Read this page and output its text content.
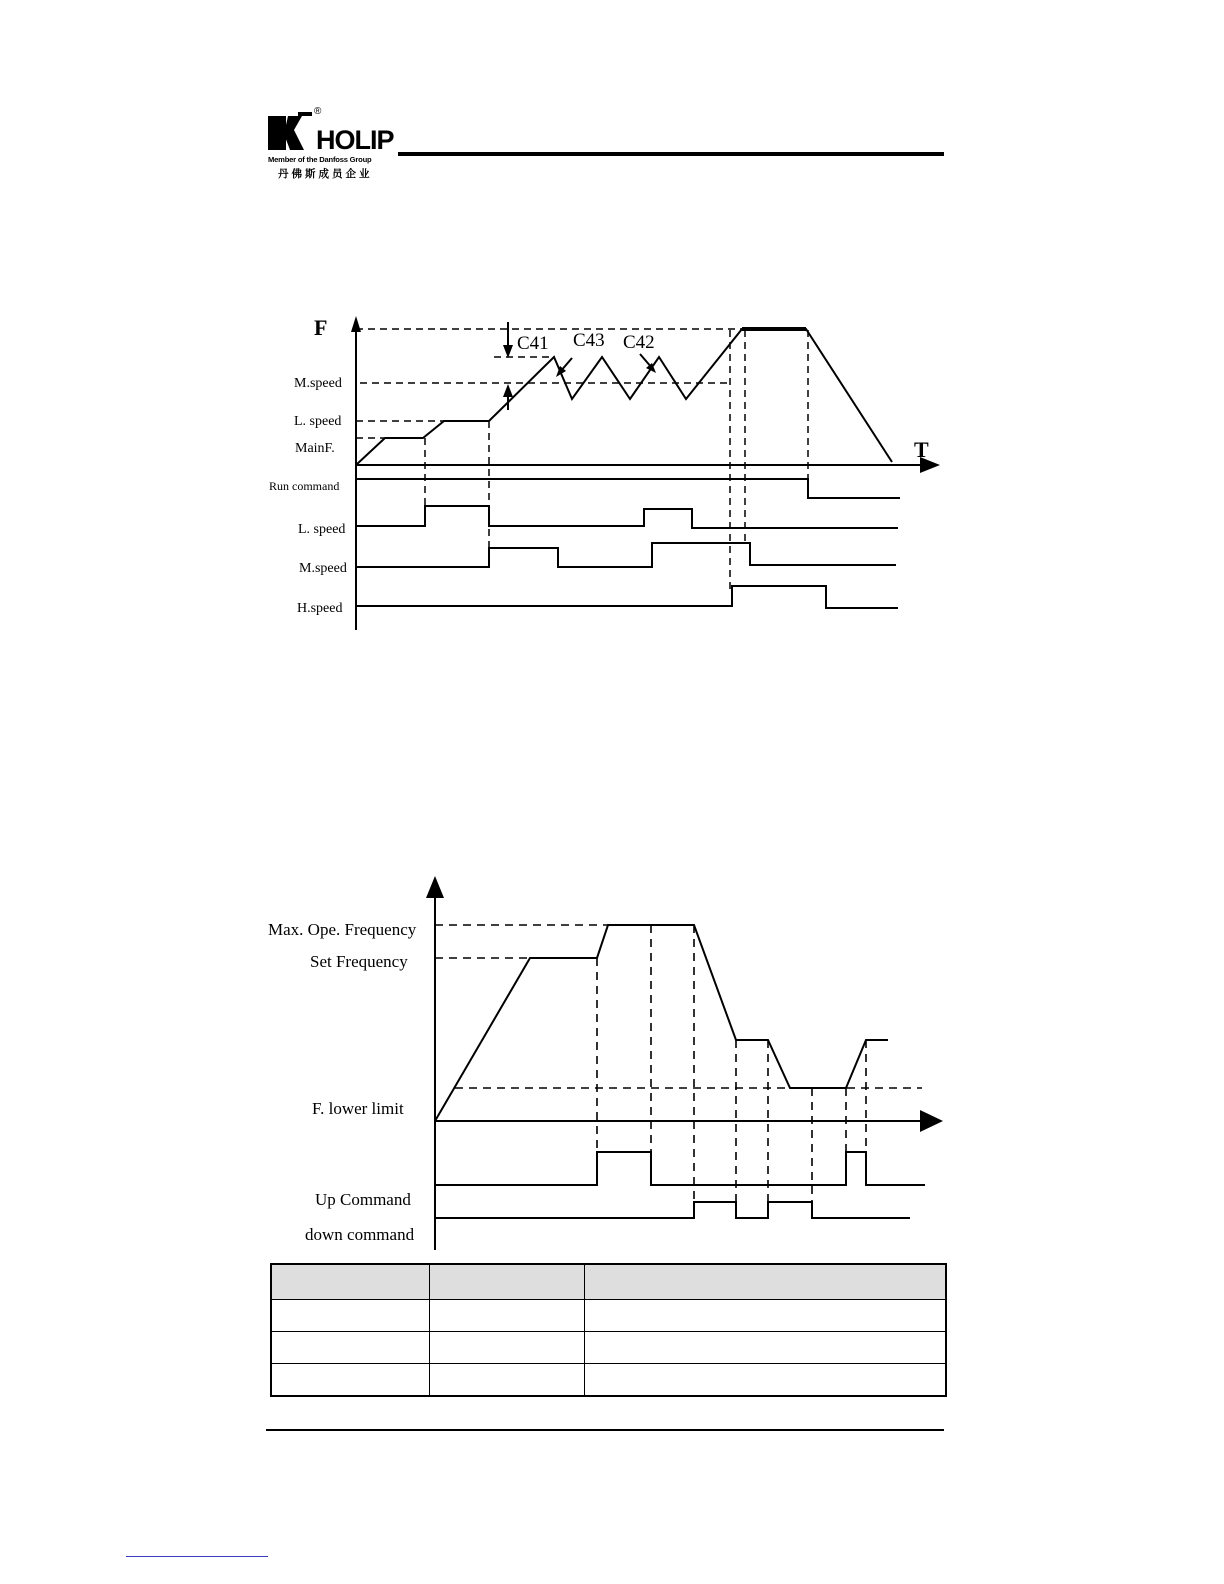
®
HOLIP
Member of the Danfoss Group
丹佛斯成员企业
F
T
M.speed
L. speed
MainF.
C41 C43 C42
Run command
L. speed
M.speed
H.speed
Max. Ope. Frequency
Set Frequency
F. lower limit
Up Command
down command
